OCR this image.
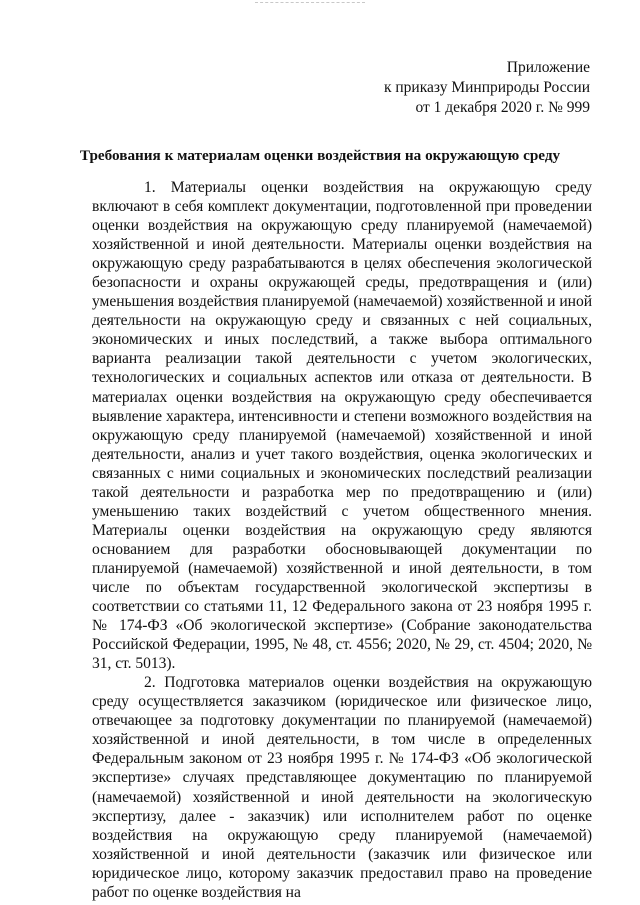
Приложение
к приказу Минприроды России
от 1 декабря 2020 г. № 999
Требования к материалам оценки воздействия на окружающую среду

1. Материалы оценки воздействия на окружающую среду включают в себя комплект документации, подготовленной при проведении оценки воздействия на окружающую среду планируемой (намечаемой) хозяйственной и иной деятельности. Материалы оценки воздействия на окружающую среду разрабатываются в целях обеспечения экологической безопасности и охраны окружающей среды, предотвращения и (или) уменьшения воздействия планируемой (намечаемой) хозяйственной и иной деятельности на окружающую среду и связанных с ней социальных, экономических и иных последствий, а также выбора оптимального варианта реализации такой деятельности с учетом экологических, технологических и социальных аспектов или отказа от деятельности. В материалах оценки воздействия на окружающую среду обеспечивается выявление характера, интенсивности и степени возможного воздействия на окружающую среду планируемой (намечаемой) хозяйственной и иной деятельности, анализ и учет такого воздействия, оценка экологических и связанных с ними социальных и экономических последствий реализации такой деятельности и разработка мер по предотвращению и (или) уменьшению таких воздействий с учетом общественного мнения. Материалы оценки воздействия на окружающую среду являются основанием для разработки обосновывающей документации по планируемой (намечаемой) хозяйственной и иной деятельности, в том числе по объектам государственной экологической экспертизы в соответствии со статьями 11, 12 Федерального закона от 23 ноября 1995 г. № 174-ФЗ «Об экологической экспертизе» (Собрание законодательства Российской Федерации, 1995, № 48, ст. 4556; 2020, № 29, ст. 4504; 2020, № 31, ст. 5013).

2. Подготовка материалов оценки воздействия на окружающую среду осуществляется заказчиком (юридическое или физическое лицо, отвечающее за подготовку документации по планируемой (намечаемой) хозяйственной и иной деятельности, в том числе в определенных Федеральным законом от 23 ноября 1995 г. № 174-ФЗ «Об экологической экспертизе» случаях представляющее документацию по планируемой (намечаемой) хозяйственной и иной деятельности на экологическую экспертизу, далее - заказчик) или исполнителем работ по оценке воздействия на окружающую среду планируемой (намечаемой) хозяйственной и иной деятельности (заказчик или физическое или юридическое лицо, которому заказчик предоставил право на проведение работ по оценке воздействия на
